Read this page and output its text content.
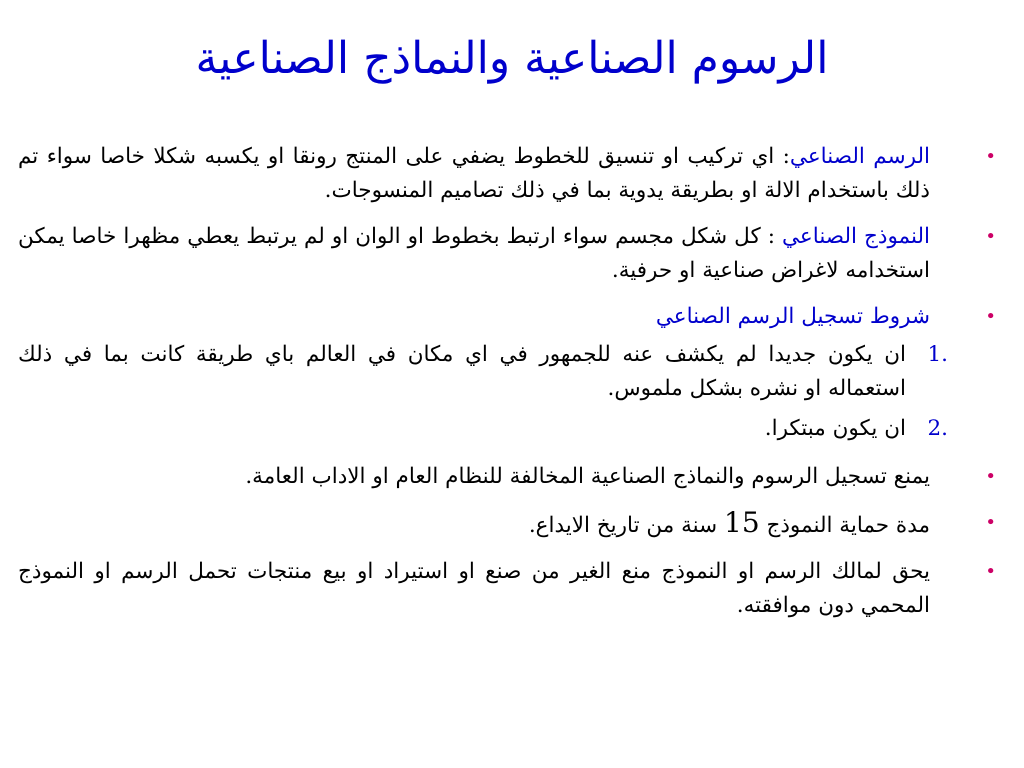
الرسوم الصناعية والنماذج الصناعية
•
الرسم الصناعي: اي تركيب او تنسيق للخطوط يضفي على المنتج رونقا او يكسبه شكلا خاصا سواء تم ذلك باستخدام الالة او بطريقة يدوية بما في ذلك تصاميم المنسوجات.
•
النموذج الصناعي : كل شكل مجسم سواء ارتبط بخطوط او الوان او لم يرتبط يعطي مظهرا خاصا يمكن استخدامه لاغراض صناعية او حرفية.
•
شروط تسجيل الرسم الصناعي
1.
ان يكون جديدا لم يكشف عنه للجمهور في اي مكان في العالم باي طريقة كانت بما في ذلك استعماله او نشره بشكل ملموس.
2.
ان يكون مبتكرا.
•
يمنع تسجيل الرسوم والنماذج الصناعية المخالفة للنظام العام او الاداب العامة.
•
مدة حماية النموذج 15 سنة من تاريخ الايداع.
•
يحق لمالك الرسم او النموذج منع الغير من صنع او استيراد او بيع منتجات تحمل الرسم او النموذج المحمي دون موافقته.
